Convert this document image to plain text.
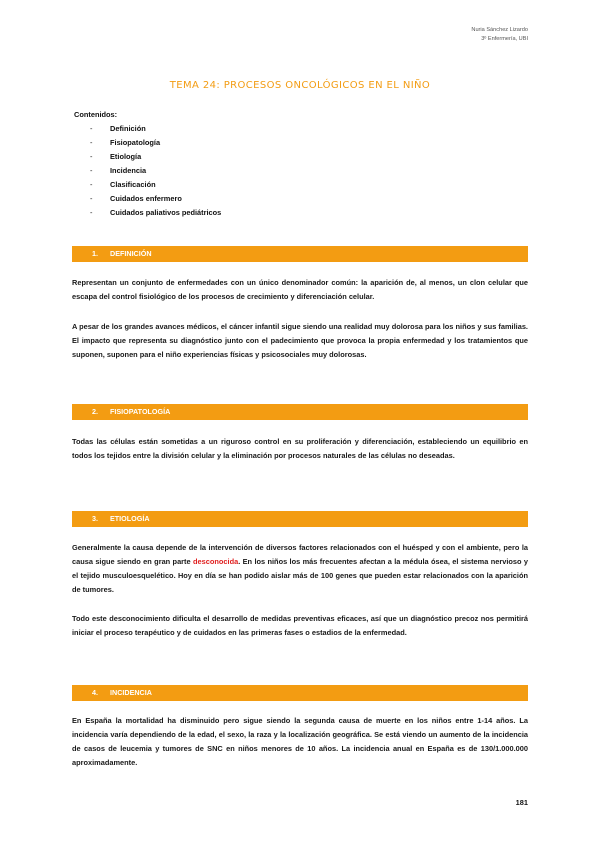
Nuria Sánchez Lizardo
3º Enfermería, UBI
TEMA 24: PROCESOS ONCOLÓGICOS EN EL NIÑO
Contenidos:
- Definición
- Fisiopatología
- Etiología
- Incidencia
- Clasificación
- Cuidados enfermero
- Cuidados paliativos pediátricos
1. DEFINICIÓN
Representan un conjunto de enfermedades con un único denominador común: la aparición de, al menos, un clon celular que escapa del control fisiológico de los procesos de crecimiento y diferenciación celular.
A pesar de los grandes avances médicos, el cáncer infantil sigue siendo una realidad muy dolorosa para los niños y sus familias. El impacto que representa su diagnóstico junto con el padecimiento que provoca la propia enfermedad y los tratamientos que suponen, suponen para el niño experiencias físicas y psicosociales muy dolorosas.
2. FISIOPATOLOGÍA
Todas las células están sometidas a un riguroso control en su proliferación y diferenciación, estableciendo un equilibrio en todos los tejidos entre la división celular y la eliminación por procesos naturales de las células no deseadas.
3. ETIOLOGÍA
Generalmente la causa depende de la intervención de diversos factores relacionados con el huésped y con el ambiente, pero la causa sigue siendo en gran parte desconocida. En los niños los más frecuentes afectan a la médula ósea, el sistema nervioso y el tejido musculoesquelético. Hoy en día se han podido aislar más de 100 genes que pueden estar relacionados con la aparición de tumores.
Todo este desconocimiento dificulta el desarrollo de medidas preventivas eficaces, así que un diagnóstico precoz nos permitirá iniciar el proceso terapéutico y de cuidados en las primeras fases o estadios de la enfermedad.
4. INCIDENCIA
En España la mortalidad ha disminuido pero sigue siendo la segunda causa de muerte en los niños entre 1-14 años. La incidencia varía dependiendo de la edad, el sexo, la raza y la localización geográfica. Se está viendo un aumento de la incidencia de casos de leucemia y tumores de SNC en niños menores de 10 años. La incidencia anual en España es de 130/1.000.000 aproximadamente.
181
